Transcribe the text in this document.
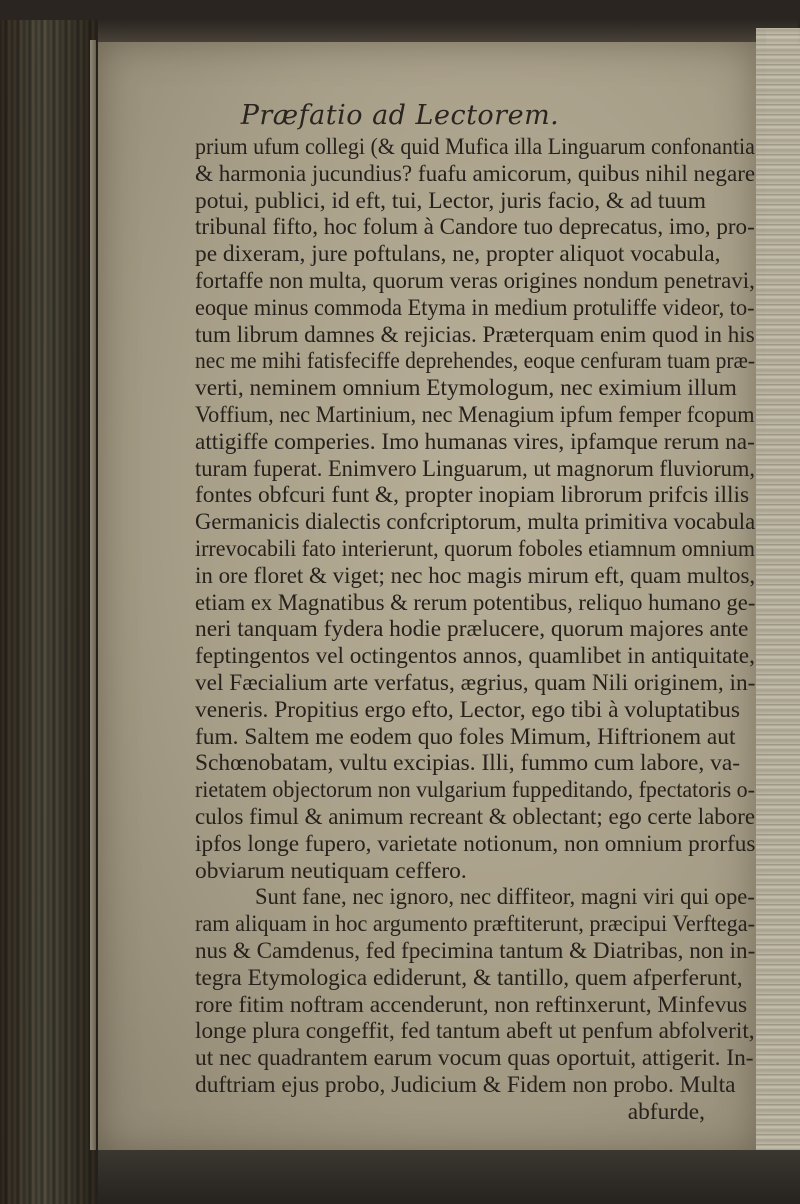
Præfatio ad Lectorem.
prium ufum collegi (& quid Mufica illa Linguarum confonantia
& harmonia jucundius? fuafu amicorum, quibus nihil negare
potui, publici, id eft, tui, Lector, juris facio, & ad tuum
tribunal fifto, hoc folum à Candore tuo deprecatus, imo, pro-
pe dixeram, jure poftulans, ne, propter aliquot vocabula,
fortaffe non multa, quorum veras origines nondum penetravi,
eoque minus commoda Etyma in medium protuliffe videor, to-
tum librum damnes & rejicias. Præterquam enim quod in his
nec me mihi fatisfeciffe deprehendes, eoque cenfuram tuam præ-
verti, neminem omnium Etymologum, nec eximium illum
Voffium, nec Martinium, nec Menagium ipfum femper fcopum
attigiffe comperies. Imo humanas vires, ipfamque rerum na-
turam fuperat. Enimvero Linguarum, ut magnorum fluviorum,
fontes obfcuri funt &, propter inopiam librorum prifcis illis
Germanicis dialectis confcriptorum, multa primitiva vocabula
irrevocabili fato interierunt, quorum foboles etiamnum omnium
in ore floret & viget; nec hoc magis mirum eft, quam multos,
etiam ex Magnatibus & rerum potentibus, reliquo humano ge-
neri tanquam fydera hodie prælucere, quorum majores ante
feptingentos vel octingentos annos, quamlibet in antiquitate,
vel Fæcialium arte verfatus, ægrius, quam Nili originem, in-
veneris. Propitius ergo efto, Lector, ego tibi à voluptatibus
fum. Saltem me eodem quo foles Mimum, Hiftrionem aut
Schœnobatam, vultu excipias. Illi, fummo cum labore, va-
rietatem objectorum non vulgarium fuppeditando, fpectatoris o-
culos fimul & animum recreant & oblectant; ego certe labore
ipfos longe fupero, varietate notionum, non omnium prorfus
obviarum neutiquam ceffero.
Sunt fane, nec ignoro, nec diffiteor, magni viri qui ope-
ram aliquam in hoc argumento præftiterunt, præcipui Verftega-
nus & Camdenus, fed fpecimina tantum & Diatribas, non in-
tegra Etymologica ediderunt, & tantillo, quem afperferunt,
rore fitim noftram accenderunt, non reftinxerunt, Minfevus
longe plura congeffit, fed tantum abeft ut penfum abfolverit,
ut nec quadrantem earum vocum quas oportuit, attigerit. In-
duftriam ejus probo, Judicium & Fidem non probo. Multa
abfurde,
